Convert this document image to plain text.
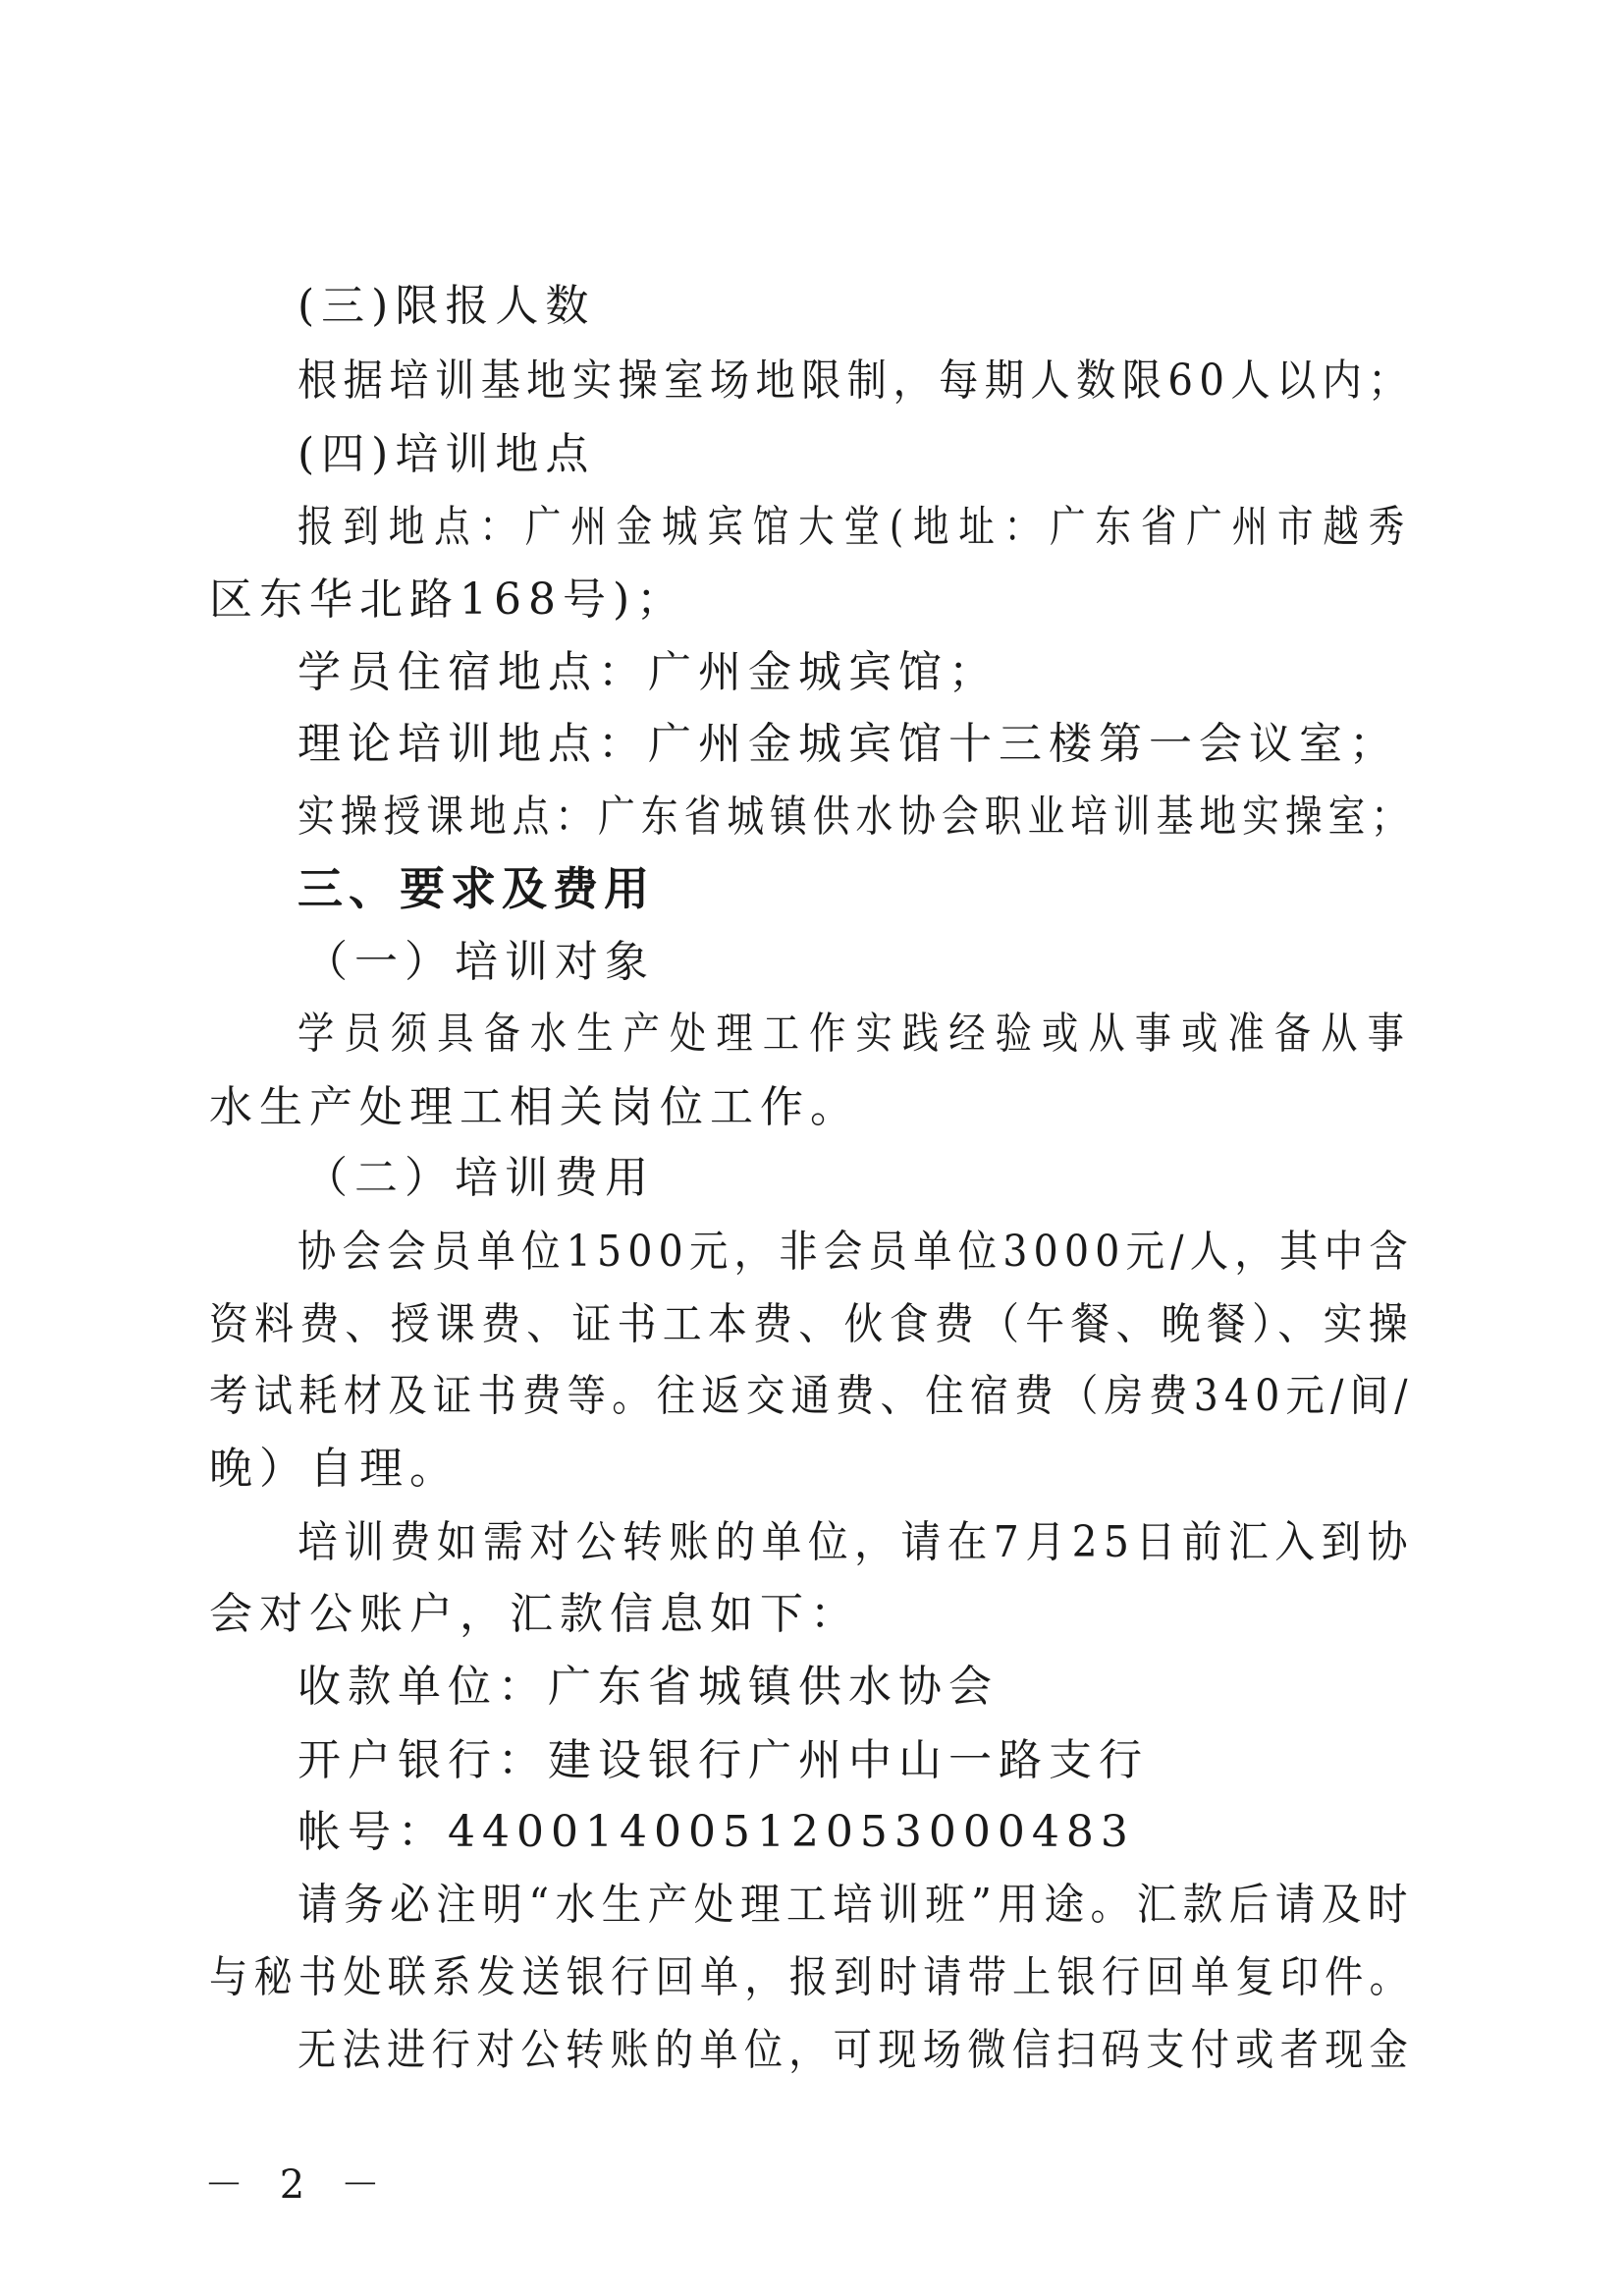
(三)限报人数
根据培训基地实操室场地限制，每期人数限60人以内；
(四)培训地点
报到地点：广州金城宾馆大堂(地址：广东省广州市越秀
区东华北路168号)；
学员住宿地点：广州金城宾馆；
理论培训地点：广州金城宾馆十三楼第一会议室；
实操授课地点：广东省城镇供水协会职业培训基地实操室；
三、要求及费用
（一）培训对象
学员须具备水生产处理工作实践经验或从事或准备从事
水生产处理工相关岗位工作。
（二）培训费用
协会会员单位1500元，非会员单位3000元/人，其中含
资料费、授课费、证书工本费、伙食费（午餐、晚餐）、实操
考试耗材及证书费等。往返交通费、住宿费（房费340元/间/
晚）自理。
培训费如需对公转账的单位，请在7月25日前汇入到协
会对公账户，汇款信息如下：
收款单位：广东省城镇供水协会
开户银行：建设银行广州中山一路支行
帐号：44001400512053000483
请务必注明“水生产处理工培训班”用途。汇款后请及时
与秘书处联系发送银行回单，报到时请带上银行回单复印件。
无法进行对公转账的单位，可现场微信扫码支付或者现金
－ 2 －
